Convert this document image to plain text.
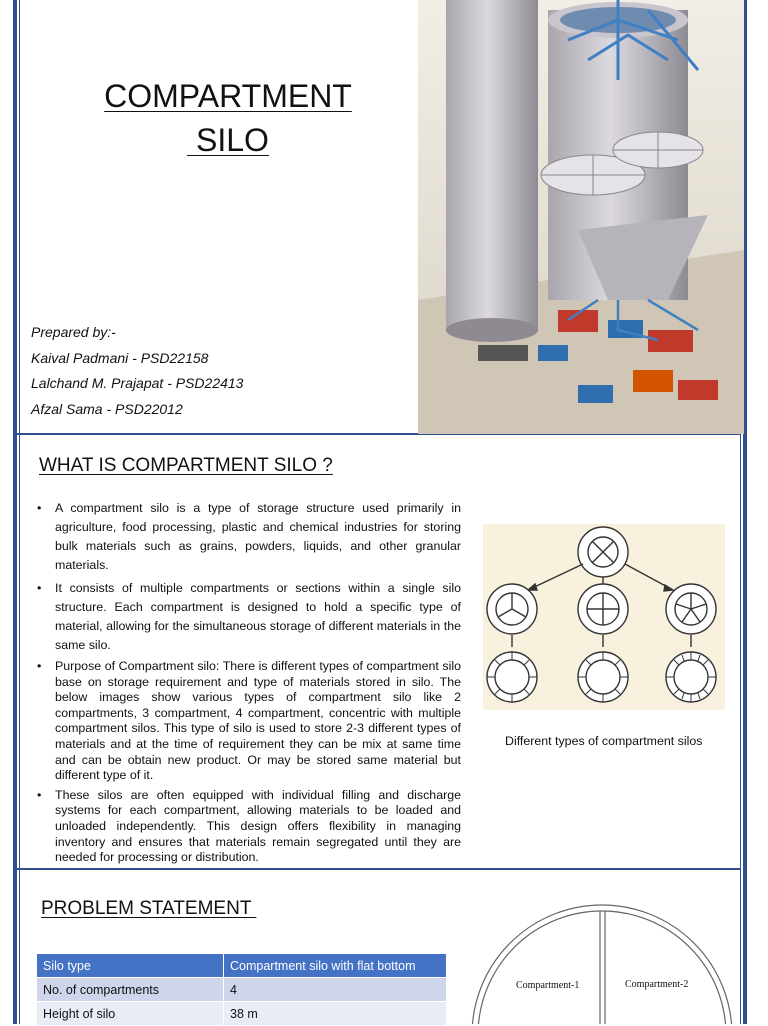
COMPARTMENT
SILO
Prepared by:-
Kaival Padmani - PSD22158
Lalchand M. Prajapat - PSD22413
Afzal Sama - PSD22012
WHAT IS COMPARTMENT SILO ?
• A compartment silo is a type of storage structure used primarily in agriculture, food processing, plastic and chemical industries for storing bulk materials such as grains, powders, liquids, and other granular materials.
• It consists of multiple compartments or sections within a single silo structure. Each compartment is designed to hold a specific type of material, allowing for the simultaneous storage of different materials in the same silo.
• Purpose of Compartment silo: There is different types of compartment silo base on storage requirement and type of materials stored in silo. The below images show various types of compartment silo like 2 compartments, 3 compartment, 4 compartment, concentric with multiple compartment silos. This type of silo is used to store 2-3 different types of materials and at the time of requirement they can be mix at same time and can be obtain new product. Or may be stored same material but different type of it.
• These silos are often equipped with individual filling and discharge systems for each compartment, allowing materials to be loaded and unloaded independently. This design offers flexibility in managing inventory and ensures that materials remain segregated until they are needed for processing or distribution.
Different types of compartment silos
PROBLEM STATEMENT
Silo type	Compartment silo with flat bottom
No. of compartments	4
Height of silo	38 m
Compartment-1	Compartment-2
